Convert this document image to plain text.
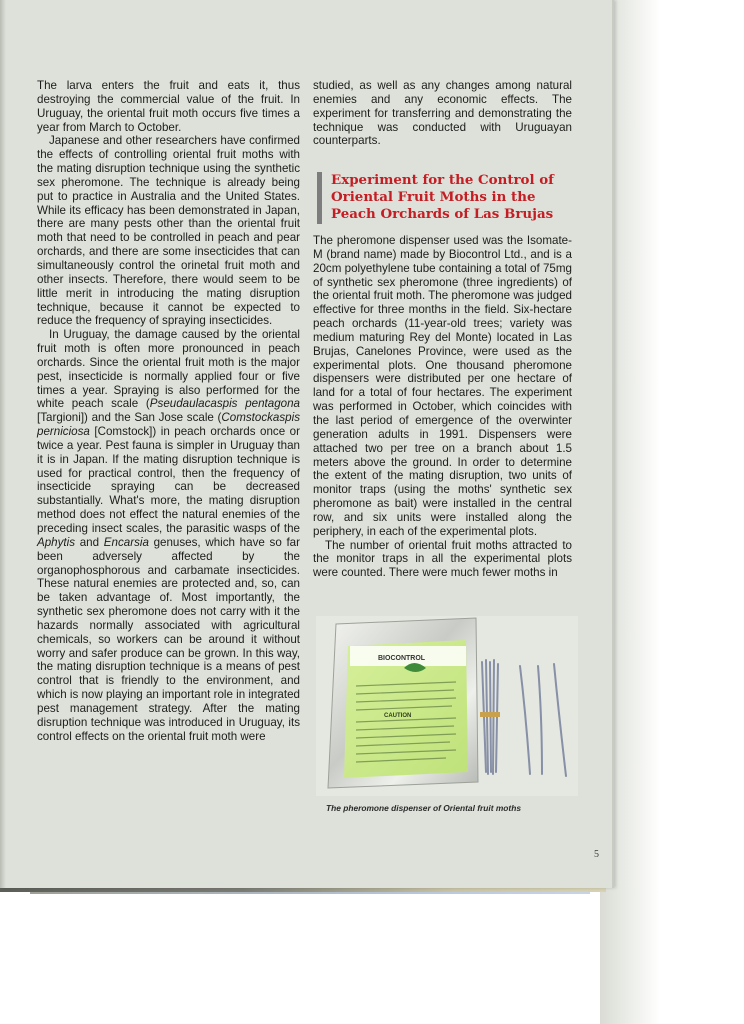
The larva enters the fruit and eats it, thus destroying the commercial value of the fruit. In Uruguay, the oriental fruit moth occurs five times a year from March to October.

Japanese and other researchers have confirmed the effects of controlling oriental fruit moths with the mating disruption technique using the synthetic sex pheromone. The technique is already being put to practice in Australia and the United States. While its efficacy has been demonstrated in Japan, there are many pests other than the oriental fruit moth that need to be controlled in peach and pear orchards, and there are some insecticides that can simultaneously control the orinetal fruit moth and other insects. Therefore, there would seem to be little merit in introducing the mating disruption technique, because it cannot be expected to reduce the frequency of spraying insecticides.

In Uruguay, the damage caused by the oriental fruit moth is often more pronounced in peach orchards. Since the oriental fruit moth is the major pest, insecticide is normally applied four or five times a year. Spraying is also performed for the white peach scale (Pseudaulacaspis pentagona [Targioni]) and the San Jose scale (Comstockaspis perniciosa [Comstock]) in peach orchards once or twice a year. Pest fauna is simpler in Uruguay than it is in Japan. If the mating disruption technique is used for practical control, then the frequency of insecticide spraying can be decreased substantially. What's more, the mating disruption method does not effect the natural enemies of the preceding insect scales, the parasitic wasps of the Aphytis and Encarsia genuses, which have so far been adversely affected by the organophosphorous and carbamate insecticides. These natural enemies are protected and, so, can be taken advantage of. Most importantly, the synthetic sex pheromone does not carry with it the hazards normally associated with agricultural chemicals, so workers can be around it without worry and safer produce can be grown. In this way, the mating disruption technique is a means of pest control that is friendly to the environment, and which is now playing an important role in integrated pest management strategy. After the mating disruption technique was introduced in Uruguay, its control effects on the oriental fruit moth were

studied, as well as any changes among natural enemies and any economic effects. The experiment for transferring and demonstrating the technique was conducted with Uruguayan counterparts.

Experiment for the Control of Oriental Fruit Moths in the Peach Orchards of Las Brujas

The pheromone dispenser used was the Isomate-M (brand name) made by Biocontrol Ltd., and is a 20cm polyethylene tube containing a total of 75mg of synthetic sex pheromone (three ingredients) of the oriental fruit moth. The pheromone was judged effective for three months in the field. Six-hectare peach orchards (11-year-old trees; variety was medium maturing Rey del Monte) located in Las Brujas, Canelones Province, were used as the experimental plots. One thousand pheromone dispensers were distributed per one hectare of land for a total of four hectares. The experiment was performed in October, which coincides with the last period of emergence of the overwinter generation adults in 1991. Dispensers were attached two per tree on a branch about 1.5 meters above the ground. In order to determine the extent of the mating disruption, two units of monitor traps (using the moths' synthetic sex pheromone as bait) were installed in the central row, and six units were installed along the periphery, in each of the experimental plots.

The number of oriental fruit moths attracted to the monitor traps in all the experimental plots were counted. There were much fewer moths in

BIOCONTROL
CAUTION
The pheromone dispenser of Oriental fruit moths
5
